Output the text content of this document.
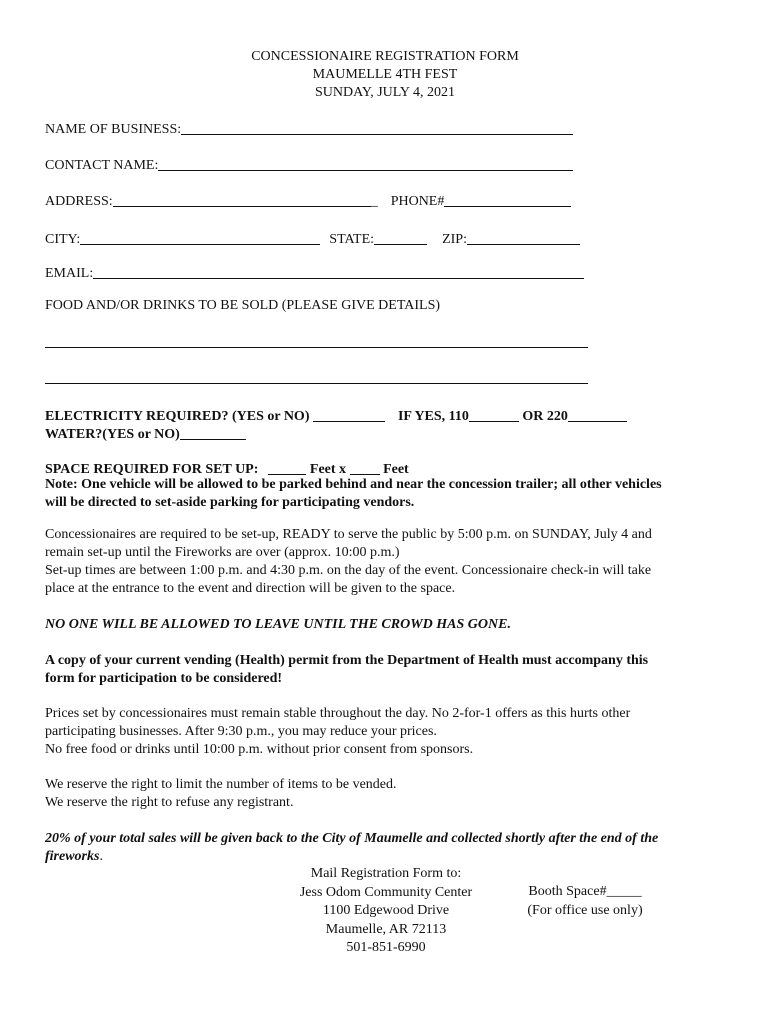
CONCESSIONAIRE REGISTRATION FORM
MAUMELLE 4TH FEST
SUNDAY, JULY 4, 2021
NAME OF BUSINESS:
CONTACT NAME:
ADDRESS:	_ PHONE#
CITY:	STATE:	ZIP:
EMAIL:
FOOD AND/OR DRINKS TO BE SOLD (PLEASE GIVE DETAILS)
ELECTRICITY REQUIRED? (YES or NO)	IF YES, 110	OR 220
WATER?(YES or NO)
SPACE REQUIRED FOR SET UP:	Feet x	Feet
Note: One vehicle will be allowed to be parked behind and near the concession trailer; all other vehicles
will be directed to set-aside parking for participating vendors.
Concessionaires are required to be set-up, READY to serve the public by 5:00 p.m. on SUNDAY, July 4 and
remain set-up until the Fireworks are over (approx. 10:00 p.m.)
Set-up times are between 1:00 p.m. and 4:30 p.m. on the day of the event. Concessionaire check-in will take
place at the entrance to the event and direction will be given to the space.
NO ONE WILL BE ALLOWED TO LEAVE UNTIL THE CROWD HAS GONE.
A copy of your current vending (Health) permit from the Department of Health must accompany this
form for participation to be considered!
Prices set by concessionaires must remain stable throughout the day. No 2-for-1 offers as this hurts other
participating businesses. After 9:30 p.m., you may reduce your prices.
No free food or drinks until 10:00 p.m. without prior consent from sponsors.
We reserve the right to limit the number of items to be vended.
We reserve the right to refuse any registrant.
20% of your total sales will be given back to the City of Maumelle and collected shortly after the end of the
fireworks.
Mail Registration Form to:
Jess Odom Community Center
1100 Edgewood Drive
Maumelle, AR 72113
501-851-6990
Booth Space#_____
(For office use only)
